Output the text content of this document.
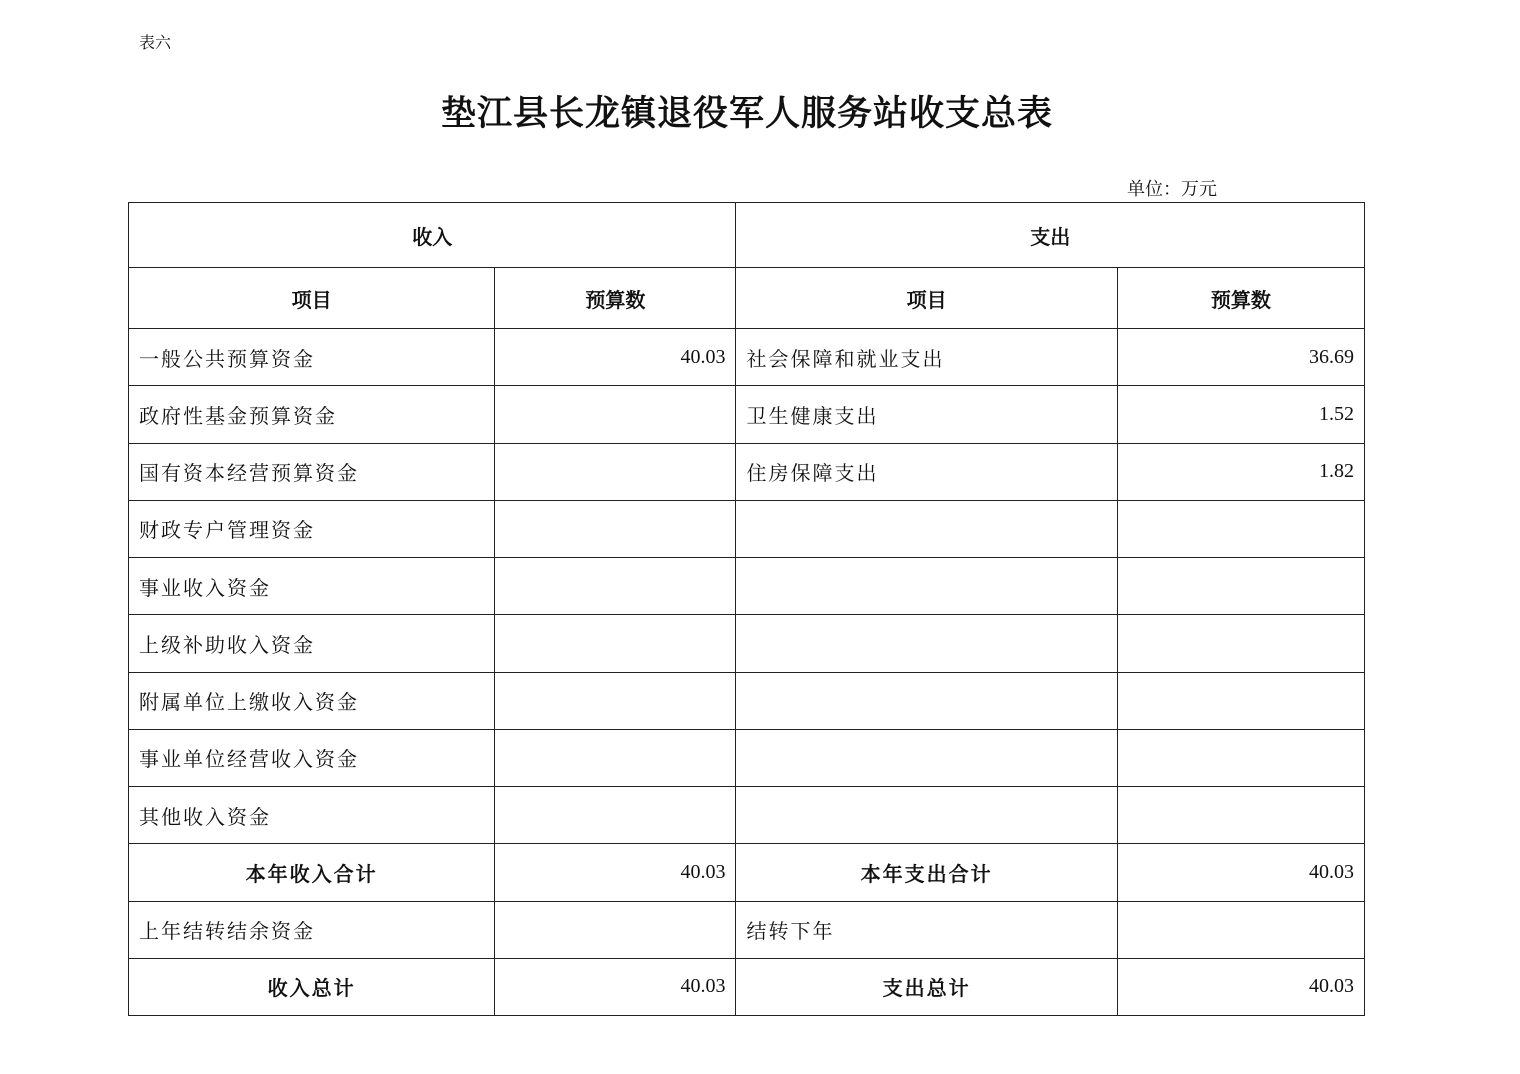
表六
垫江县长龙镇退役军人服务站收支总表
单位：万元
收入		支出	
项目	预算数	项目	预算数
一般公共预算资金	40.03	社会保障和就业支出	36.69
政府性基金预算资金		卫生健康支出	1.52
国有资本经营预算资金		住房保障支出	1.82
财政专户管理资金			
事业收入资金			
上级补助收入资金			
附属单位上缴收入资金			
事业单位经营收入资金			
其他收入资金			
本年收入合计	40.03	本年支出合计	40.03
上年结转结余资金		结转下年	
收入总计	40.03	支出总计	40.03
